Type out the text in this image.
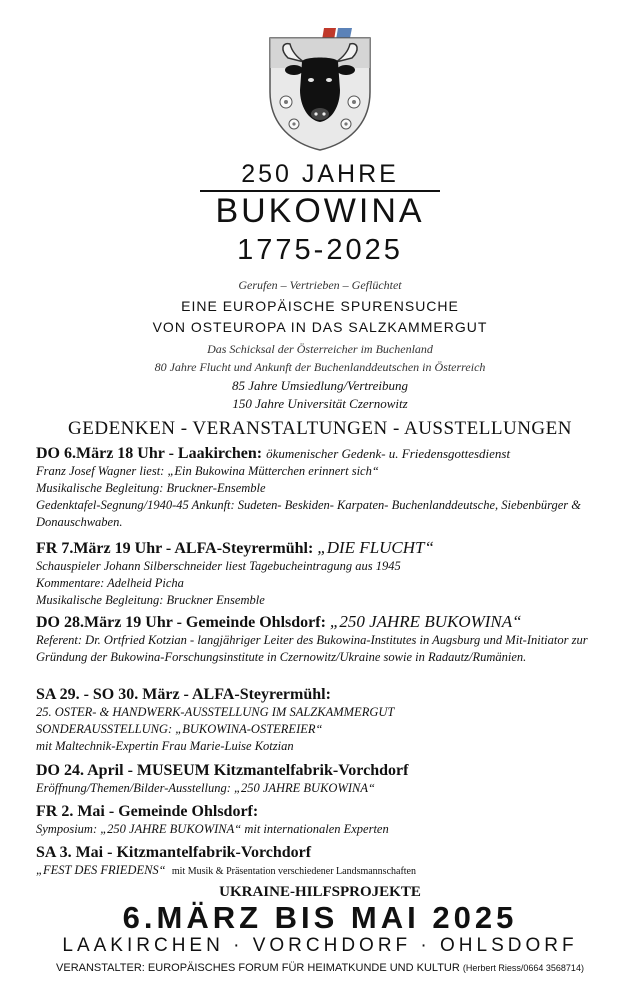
250 JAHRE
BUKOWINA
1775-2025
Gerufen – Vertrieben – Geflüchtet
EINE EUROPÄISCHE SPURENSUCHE
VON OSTEUROPA IN DAS SALZKAMMERGUT
Das Schicksal der Österreicher im Buchenland
80 Jahre Flucht und Ankunft der Buchenlanddeutschen in Österreich
85 Jahre Umsiedlung/Vertreibung
150 Jahre Universität Czernowitz
GEDENKEN - VERANSTALTUNGEN - AUSSTELLUNGEN
DO 6.März 18 Uhr - Laakirchen: ökumenischer Gedenk- u. Friedensgottesdienst
Franz Josef Wagner liest: „Ein Bukowina Mütterchen erinnert sich“
Musikalische Begleitung: Bruckner-Ensemble
Gedenktafel-Segnung/1940-45 Ankunft: Sudeten- Beskiden- Karpaten- Buchenlanddeutsche, Siebenbürger & Donauschwaben.
FR 7.März 19 Uhr - ALFA-Steyrermühl: „DIE FLUCHT“
Schauspieler Johann Silberschneider liest Tagebucheintragung aus 1945
Kommentare: Adelheid Picha
Musikalische Begleitung: Bruckner Ensemble
DO 28.März 19 Uhr - Gemeinde Ohlsdorf: „250 JAHRE BUKOWINA“
Referent: Dr. Ortfried Kotzian - langjähriger Leiter des Bukowina-Institutes in Augsburg und Mit-Initiator zur Gründung der Bukowina-Forschungsinstitute in Czernowitz/Ukraine sowie in Radautz/Rumänien.
SA 29. - SO 30. März - ALFA-Steyrermühl:
25. OSTER- & HANDWERK-AUSSTELLUNG IM SALZKAMMERGUT
SONDERAUSSTELLUNG: „BUKOWINA-OSTEREIER“
mit Maltechnik-Expertin Frau Marie-Luise Kotzian
DO 24. April - MUSEUM Kitzmantelfabrik-Vorchdorf
Eröffnung/Themen/Bilder-Ausstellung: „250 JAHRE BUKOWINA“
FR 2. Mai - Gemeinde Ohlsdorf:
Symposium: „250 JAHRE BUKOWINA“ mit internationalen Experten
SA 3. Mai - Kitzmantelfabrik-Vorchdorf
„FEST DES FRIEDENS“ mit Musik & Präsentation verschiedener Landsmannschaften
UKRAINE-HILFSPROJEKTE
6.MÄRZ BIS MAI 2025
LAAKIRCHEN · VORCHDORF · OHLSDORF
VERANSTALTER: EUROPÄISCHES FORUM FÜR HEIMATKUNDE UND KULTUR (Herbert Riess/0664 3568714)
